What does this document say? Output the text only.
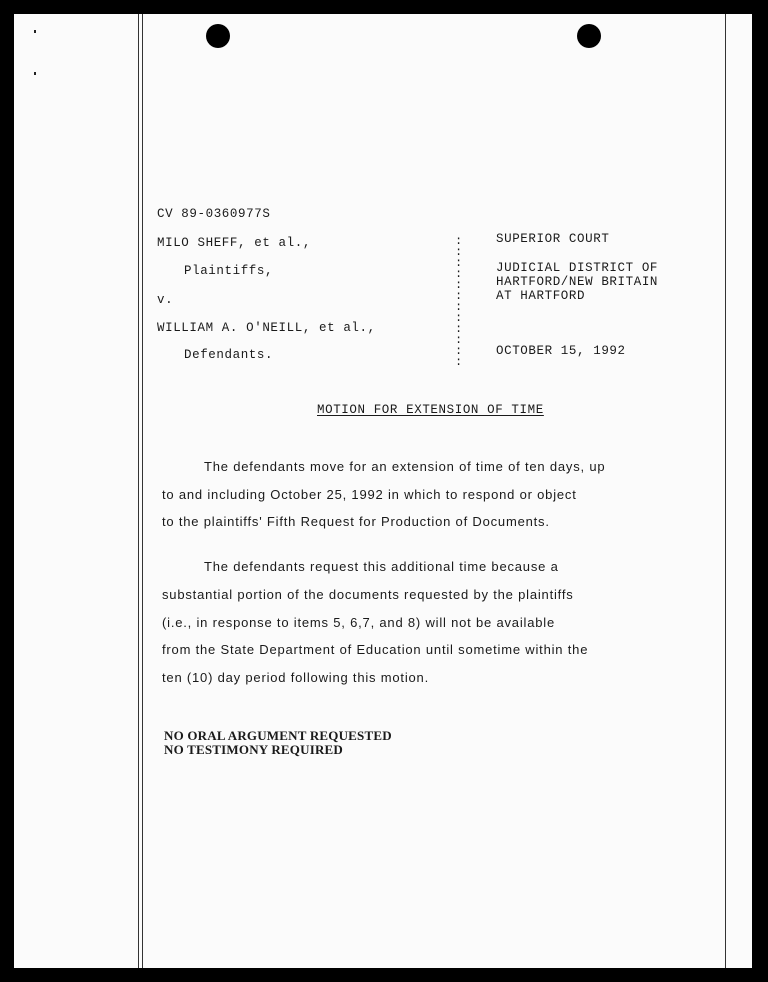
CV 89-0360977S
MILO SHEFF, et al.,
Plaintiffs,
v.
WILLIAM A. O'NEILL, et al.,
Defendants.
:
:
:
:
:
:
:
:
:
:
:
:
SUPERIOR COURT
JUDICIAL DISTRICT OF
HARTFORD/NEW BRITAIN
AT HARTFORD
OCTOBER 15, 1992
MOTION FOR EXTENSION OF TIME
The defendants move for an extension of time of ten days, up
to and including October 25, 1992 in which to respond or object
to the plaintiffs' Fifth Request for Production of Documents.
The defendants request this additional time because a
substantial portion of the documents requested by the plaintiffs
(i.e., in response to items 5, 6,7, and 8) will not be available
from the State Department of Education until sometime within the
ten (10) day period following this motion.
NO ORAL ARGUMENT REQUESTED
NO TESTIMONY REQUIRED
